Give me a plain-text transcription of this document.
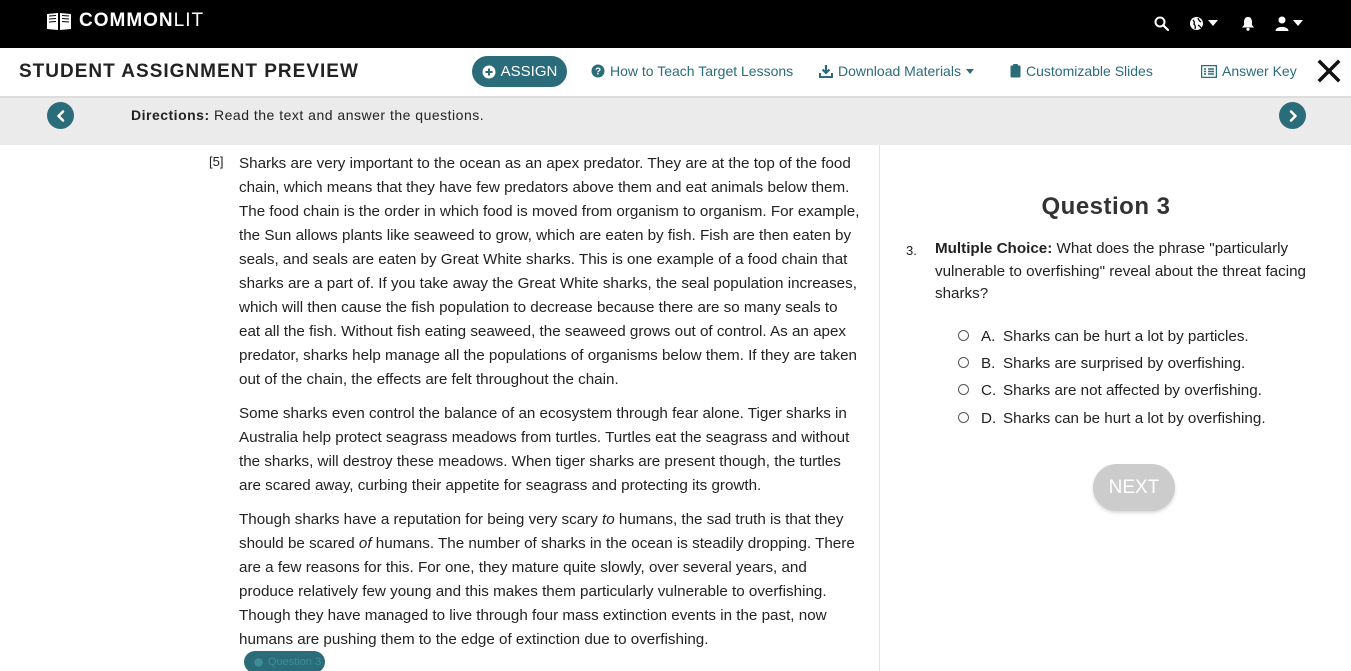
COMMON LIT
STUDENT ASSIGNMENT PREVIEW	ASSIGN	? How to Teach Target Lessons	Download Materials	Customizable Slides	Answer Key
Directions: Read the text and answer the questions.
[5] Sharks are very important to the ocean as an apex predator. They are at the top of the food chain, which means that they have few predators above them and eat animals below them. The food chain is the order in which food is moved from organism to organism. For example, the Sun allows plants like seaweed to grow, which are eaten by fish. Fish are then eaten by seals, and seals are eaten by Great White sharks. This is one example of a food chain that sharks are a part of. If you take away the Great White sharks, the seal population increases, which will then cause the fish population to decrease because there are so many seals to eat all the fish. Without fish eating seaweed, the seaweed grows out of control. As an apex predator, sharks help manage all the populations of organisms below them. If they are taken out of the chain, the effects are felt throughout the chain.

Some sharks even control the balance of an ecosystem through fear alone. Tiger sharks in Australia help protect seagrass meadows from turtles. Turtles eat the seagrass and without the sharks, will destroy these meadows. When tiger sharks are present though, the turtles are scared away, curbing their appetite for seagrass and protecting its growth.

Though sharks have a reputation for being very scary to humans, the sad truth is that they should be scared of humans. The number of sharks in the ocean is steadily dropping. There are a few reasons for this. For one, they mature quite slowly, over several years, and produce relatively few young and this makes them particularly vulnerable to overfishing. Though they have managed to live through four mass extinction events in the past, now humans are pushing them to the edge of extinction due to overfishing.

Question 3
Question 3
3. Multiple Choice: What does the phrase "particularly vulnerable to overfishing" reveal about the threat facing sharks?

A. Sharks can be hurt a lot by particles.
B. Sharks are surprised by overfishing.
C. Sharks are not affected by overfishing.
D. Sharks can be hurt a lot by overfishing.
NEXT
